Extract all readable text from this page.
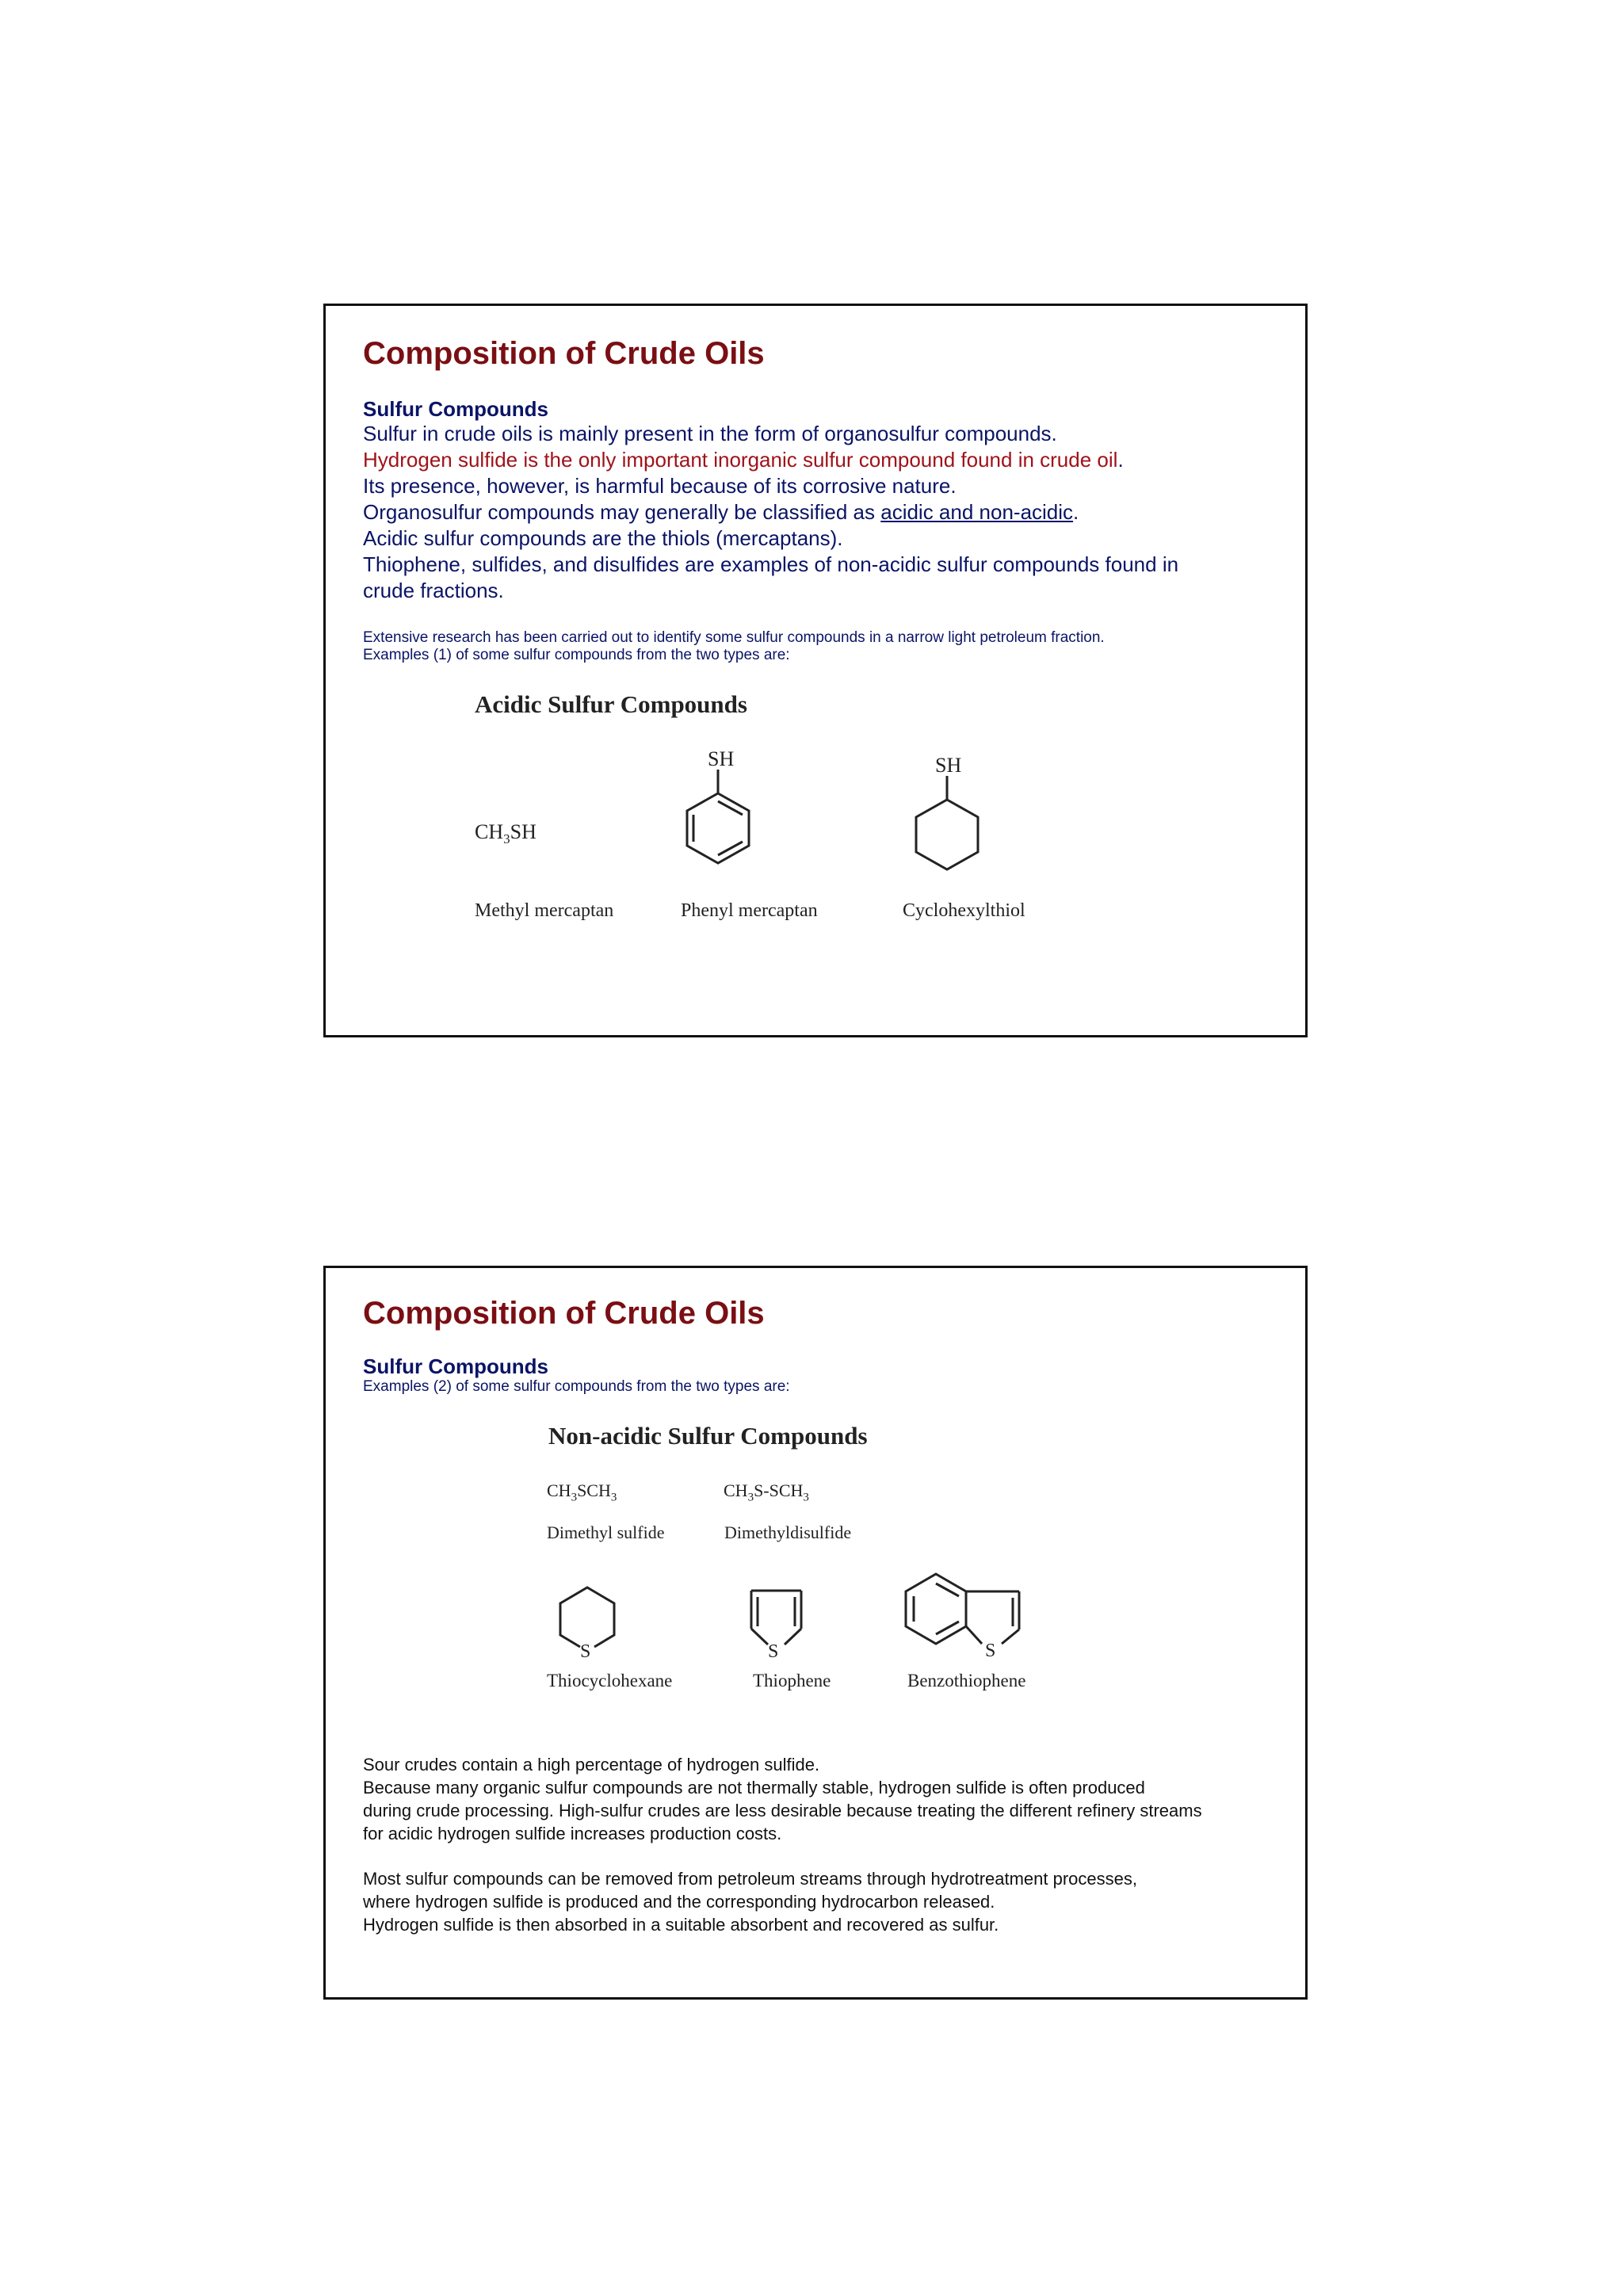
Composition of Crude Oils
Sulfur Compounds
Sulfur in crude oils is mainly present in the form of organosulfur compounds.
Hydrogen sulfide is the only important inorganic sulfur compound found in crude oil.
Its presence, however, is harmful because of its corrosive nature.
Organosulfur compounds may generally be classified as acidic and non-acidic.
Acidic sulfur compounds are the thiols (mercaptans).
Thiophene, sulfides, and disulfides are examples of non-acidic sulfur compounds found in
crude fractions.
Extensive research has been carried out to identify some sulfur compounds in a narrow light petroleum fraction.
Examples (1) of some sulfur compounds from the two types are:
Acidic Sulfur Compounds
$CH_3SH$
Methyl mercaptan
SH
Phenyl mercaptan
SH
Cyclohexylthiol
Composition of Crude Oils
Sulfur Compounds
Examples (2) of some sulfur compounds from the two types are:
Non-acidic Sulfur Compounds
$CH_3SCH_3$	$CH_3S-SCH_3$
Dimethyl sulfide	Dimethyldisulfide
S	S	S
Thiocyclohexane	Thiophene	Benzothiophene
Sour crudes contain a high percentage of hydrogen sulfide.
Because many organic sulfur compounds are not thermally stable, hydrogen sulfide is often produced
during crude processing. High-sulfur crudes are less desirable because treating the different refinery streams
for acidic hydrogen sulfide increases production costs.
Most sulfur compounds can be removed from petroleum streams through hydrotreatment processes,
where hydrogen sulfide is produced and the corresponding hydrocarbon released.
Hydrogen sulfide is then absorbed in a suitable absorbent and recovered as sulfur.
